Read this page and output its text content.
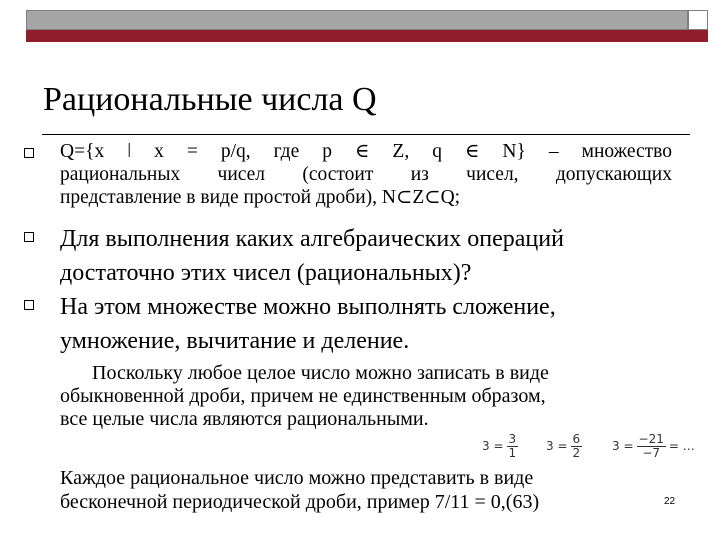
Рациональные числа Q
Q={x ǀ x = p/q, где p ∈ Z, q ∈ N} – множество
рациональных чисел (состоит из чисел, допускающих
представление в виде простой дроби), N⊂Z⊂Q;
Для выполнения каких алгебраических операций
достаточно этих чисел (рациональных)?
На этом множестве можно выполнять сложение,
умножение, вычитание и деление.
Поскольку любое целое число можно записать в виде
обыкновенной дроби, причем не единственным образом,
все целые числа являются рациональными.
$3 = \frac{3}{1} 3 = \frac{6}{2} 3 = \frac{-21}{-7}$ = …
Каждое рациональное число можно представить в виде
бесконечной периодической дроби, пример 7/11 = 0,(63)	22
